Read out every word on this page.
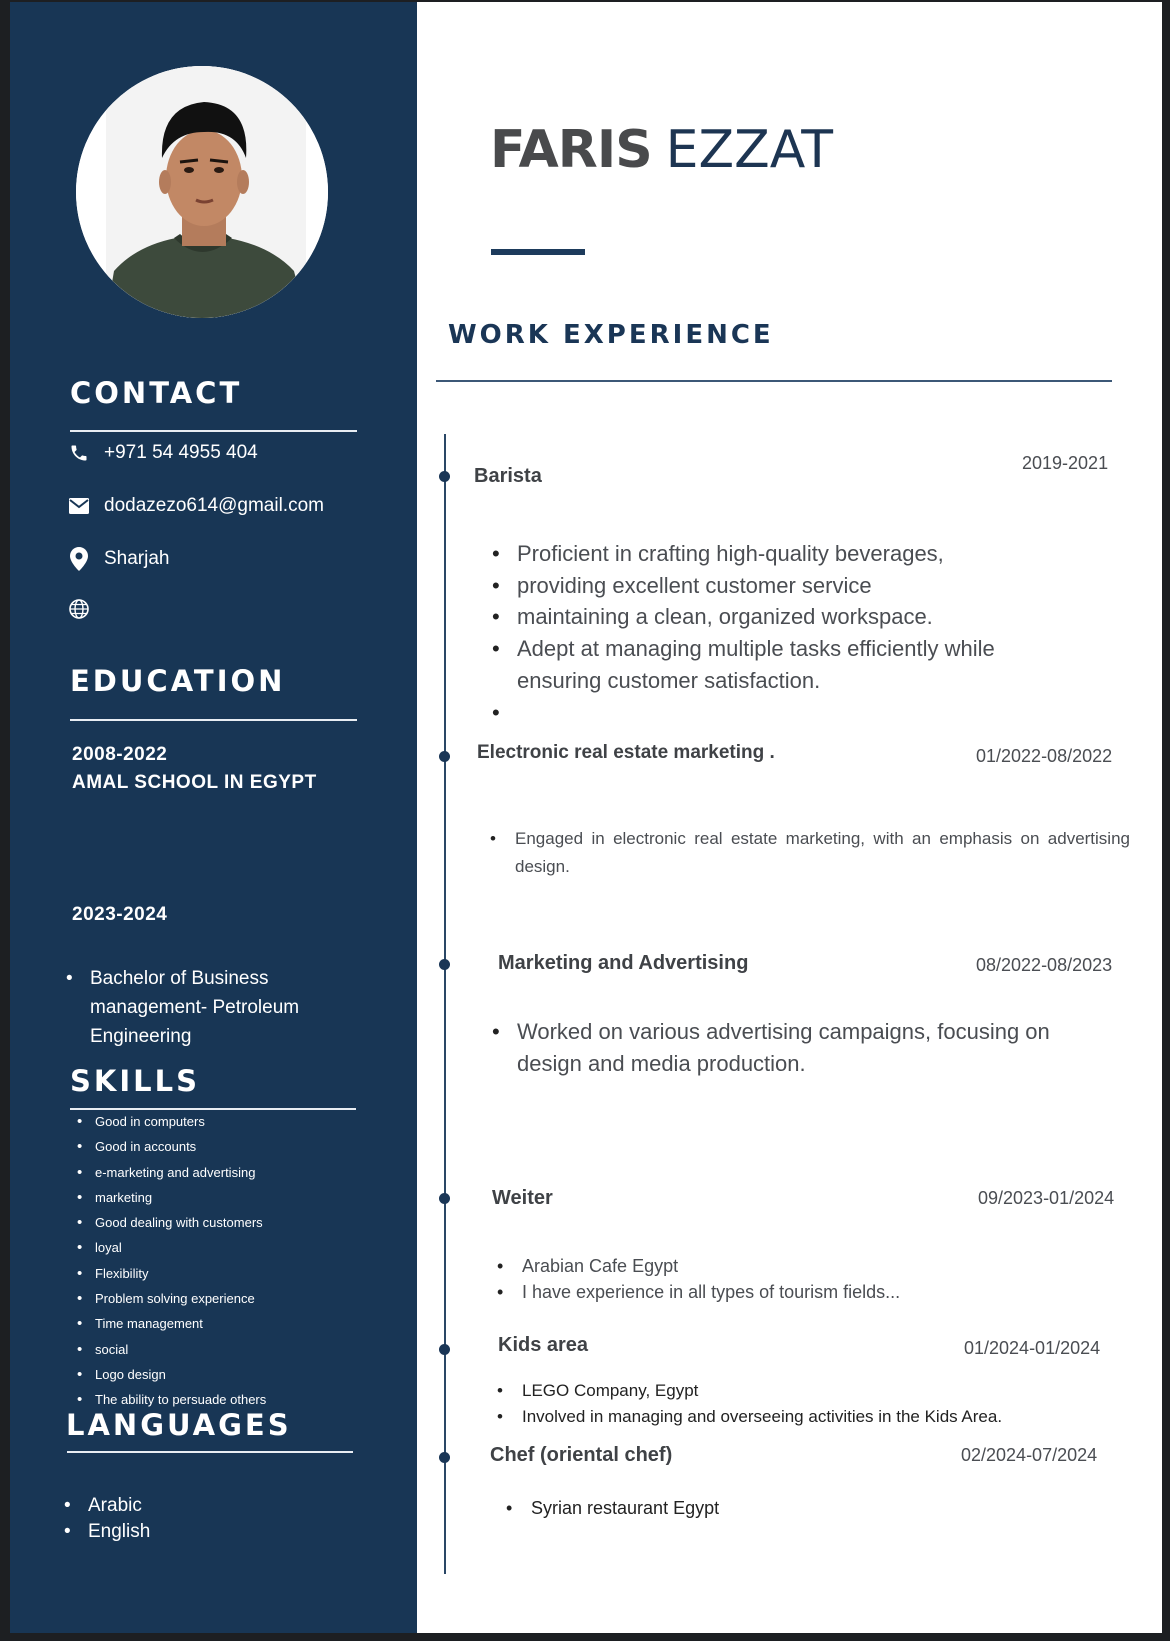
CONTACT
+971 54 4955 404
dodazezo614@gmail.com
Sharjah
EDUCATION
2008-2022
AMAL SCHOOL IN EGYPT
2023-2024
• Bachelor of Business management- Petroleum Engineering
SKILLS
• Good in computers
• Good in accounts
• e-marketing and advertising
• marketing
• Good dealing with customers
• loyal
• Flexibility
• Problem solving experience
• Time management
• social
• Logo design
• The ability to persuade others
LANGUAGES
• Arabic
• English
FARIS EZZAT
WORK EXPERIENCE
Barista
2019-2021
• Proficient in crafting high-quality beverages,
• providing excellent customer service
• maintaining a clean, organized workspace.
• Adept at managing multiple tasks efficiently while ensuring customer satisfaction.
•
Electronic real estate marketing .	01/2022-08/2022
• Engaged in electronic real estate marketing, with an emphasis on advertising design.
Marketing and Advertising	08/2022-08/2023
• Worked on various advertising campaigns, focusing on design and media production.
Weiter	09/2023-01/2024
• Arabian Cafe Egypt
• I have experience in all types of tourism fields...
Kids area	01/2024-01/2024
• LEGO Company, Egypt
• Involved in managing and overseeing activities in the Kids Area.
Chef (oriental chef)	02/2024-07/2024
• Syrian restaurant Egypt
